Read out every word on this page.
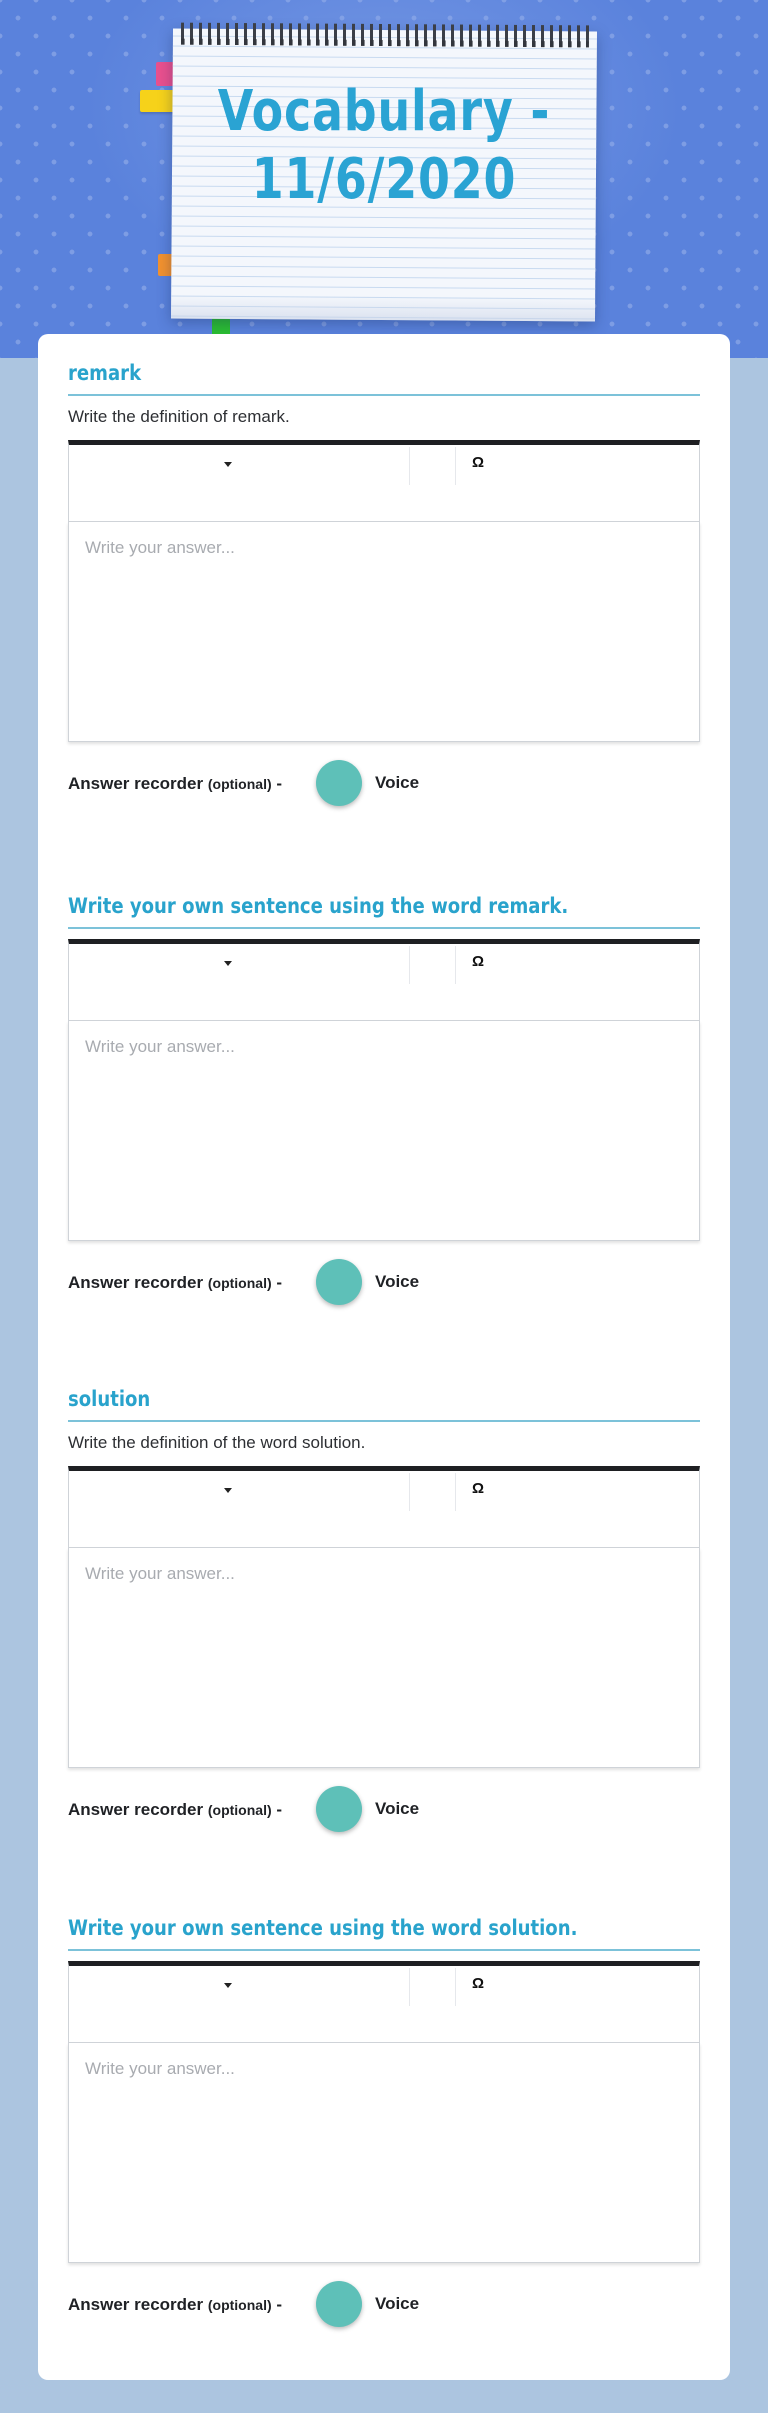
Vocabulary -
11/6/2020
remark
Write the definition of remark.
Ω
Write your answer...
Answer recorder (optional) -	Voice
Write your own sentence using the word remark.
Ω
Write your answer...
Answer recorder (optional) -	Voice
solution
Write the definition of the word solution.
Ω
Write your answer...
Answer recorder (optional) -	Voice
Write your own sentence using the word solution.
Ω
Write your answer...
Answer recorder (optional) -	Voice
